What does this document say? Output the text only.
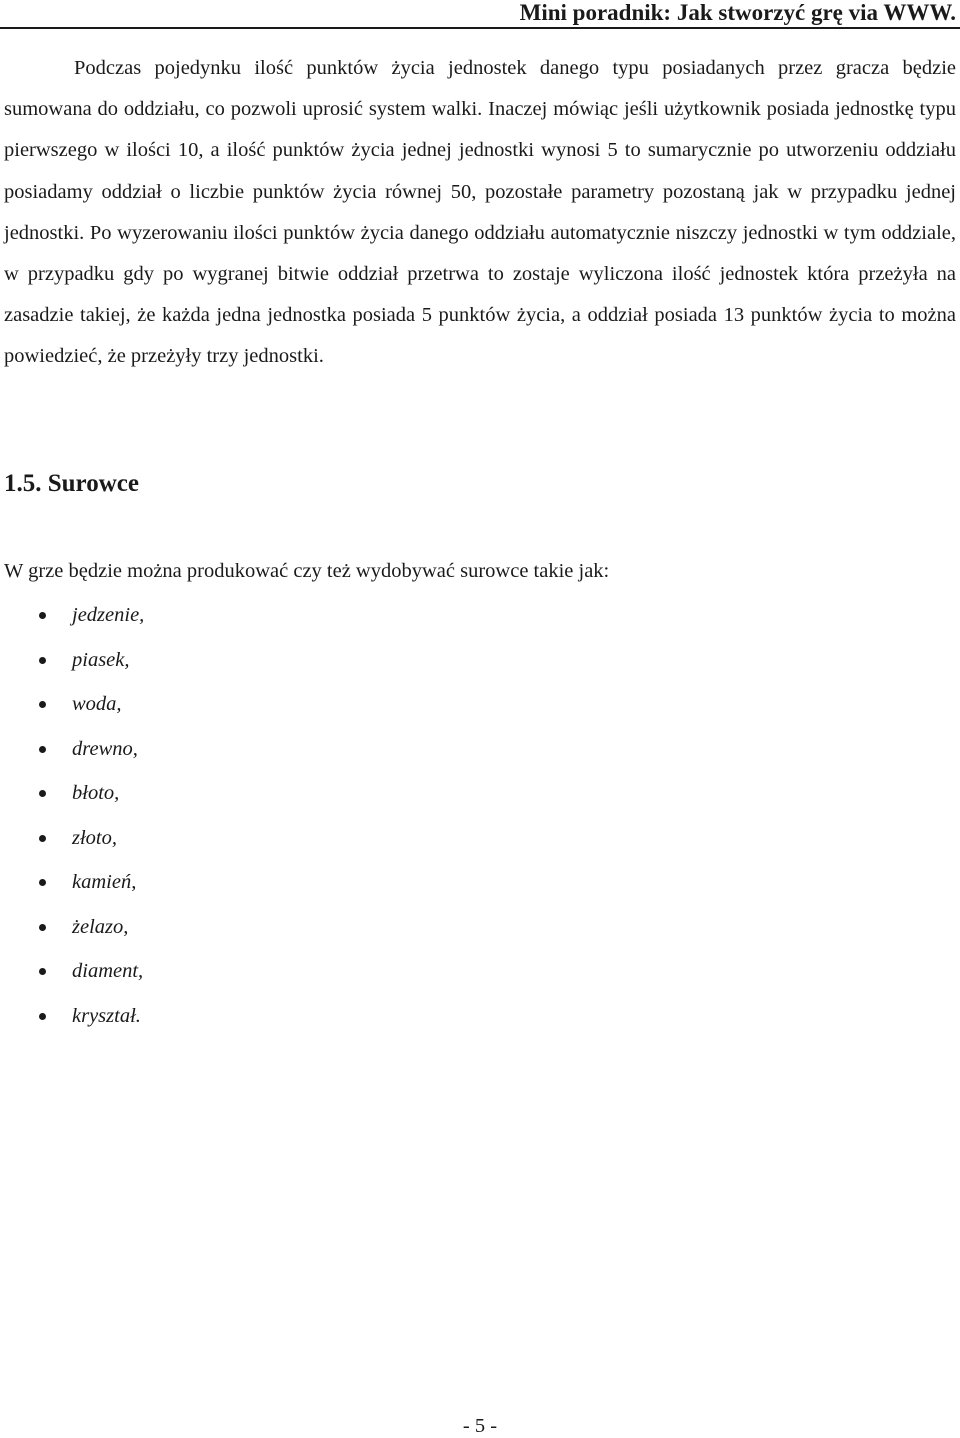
Mini poradnik: Jak stworzyć grę via WWW.

Podczas pojedynku ilość punktów życia jednostek danego typu posiadanych przez gracza będzie sumowana do oddziału, co pozwoli uprosić system walki. Inaczej mówiąc jeśli użytkownik posiada jednostkę typu pierwszego w ilości 10, a ilość punktów życia jednej jednostki wynosi 5 to sumarycznie po utworzeniu oddziału posiadamy oddział o liczbie punktów życia równej 50, pozostałe parametry pozostaną jak w przypadku jednej jednostki. Po wyzerowaniu ilości punktów życia danego oddziału automatycznie niszczy jednostki w tym oddziale, w przypadku gdy po wygranej bitwie oddział przetrwa to zostaje wyliczona ilość jednostek która przeżyła na zasadzie takiej, że każda jedna jednostka posiada 5 punktów życia, a oddział posiada 13 punktów życia to można powiedzieć, że przeżyły trzy jednostki.

1.5. Surowce

W grze będzie można produkować czy też wydobywać surowce takie jak:

jedzenie,
piasek,
woda,
drewno,
błoto,
złoto,
kamień,
żelazo,
diament,
kryształ.
- 5 -
